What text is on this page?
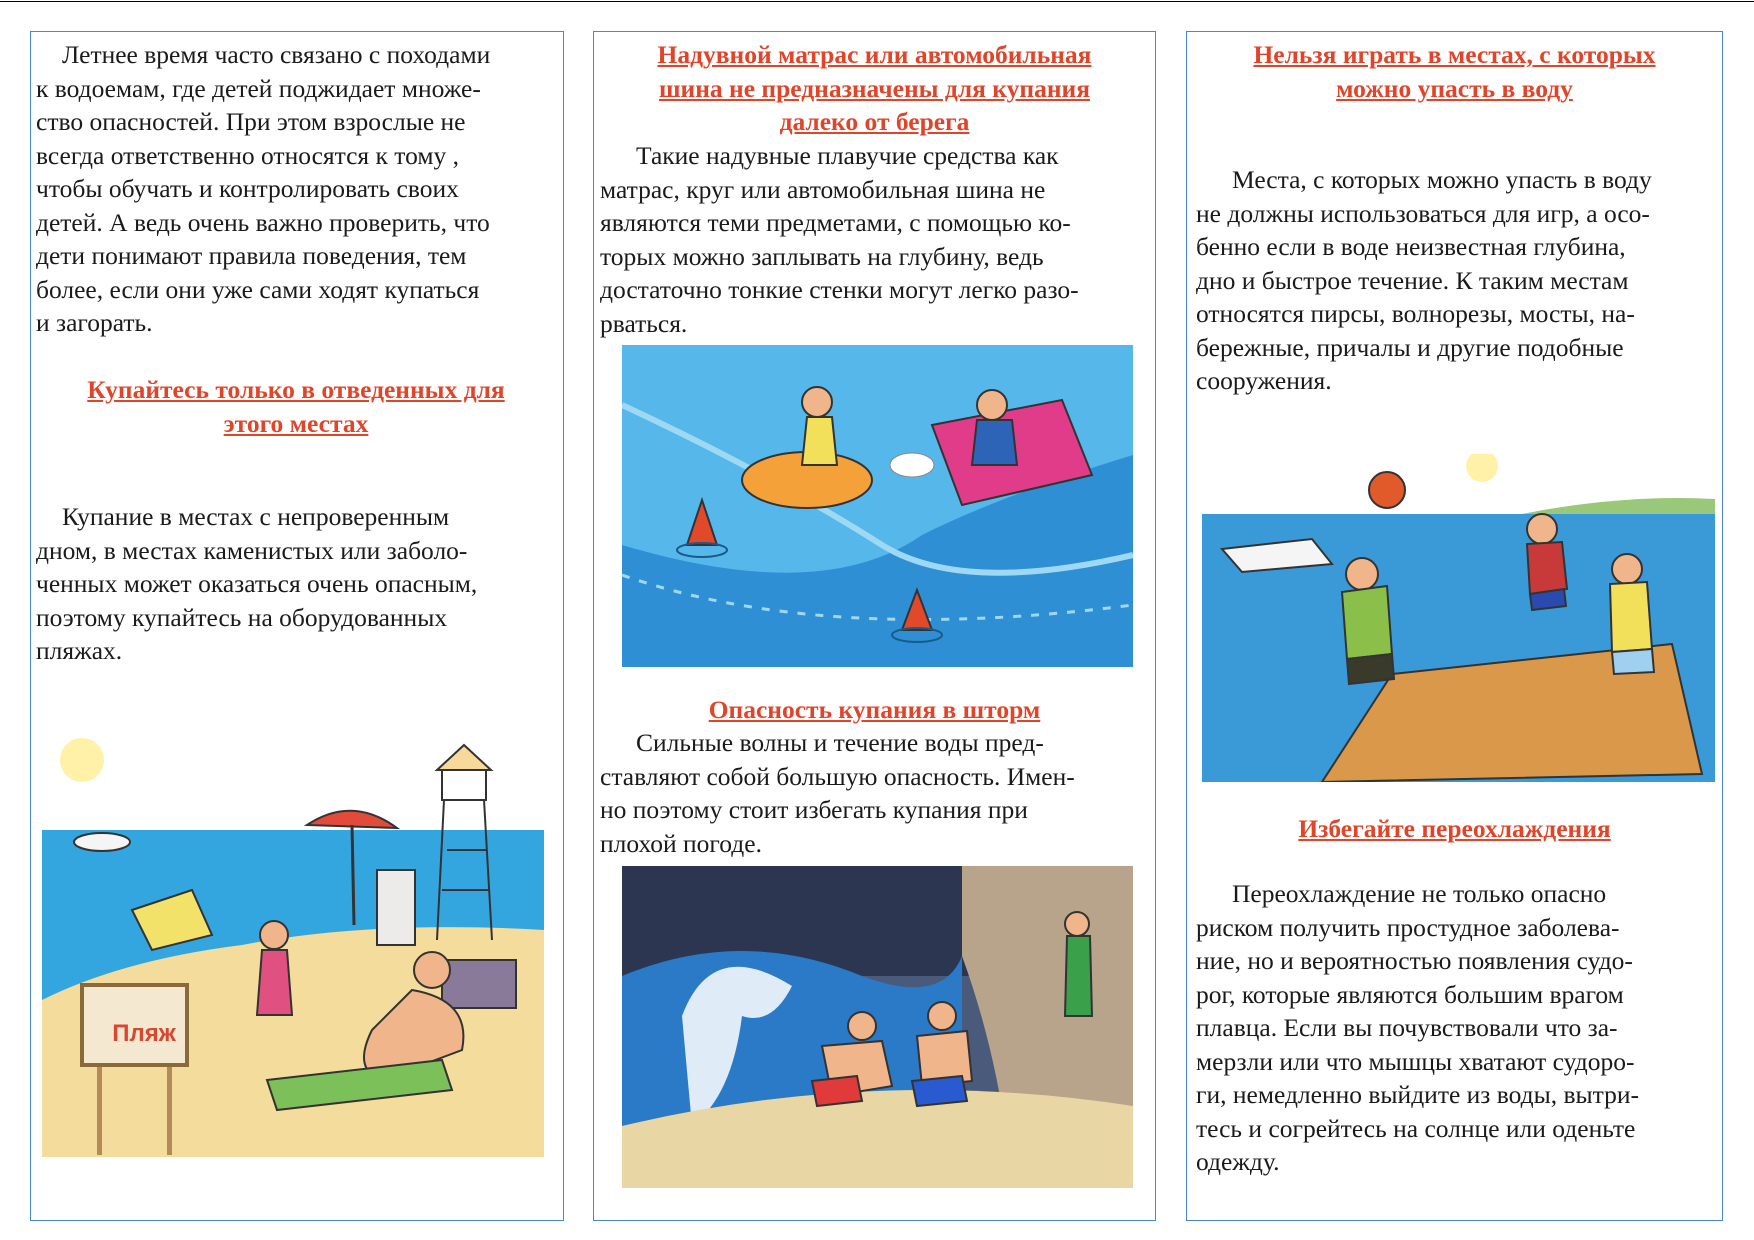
Летнее время часто связано с походами
к водоемам, где детей поджидает множе-
ство опасностей. При этом взрослые не
всегда ответственно относятся к тому ,
чтобы обучать и контролировать своих
детей. А ведь очень важно проверить, что
дети понимают правила поведения, тем
более, если они уже сами ходят купаться
и загорать.
Купайтесь только в отведенных для
этого местах
Купание в местах с непроверенным
дном, в местах каменистых или заболо-
ченных может оказаться очень опасным,
поэтому купайтесь на оборудованных
пляжах.
Пляж
Надувной матрас или автомобильная
шина не предназначены для купания
далеко от берега
Такие надувные плавучие средства как
матрас, круг или автомобильная шина не
являются теми предметами, с помощью ко-
торых можно заплывать на глубину, ведь
достаточно тонкие стенки могут легко разо-
рваться.
Опасность купания в шторм
Сильные волны и течение воды пред-
ставляют собой большую опасность. Имен-
но поэтому стоит избегать купания при
плохой погоде.
Нельзя играть в местах, с которых
можно упасть в воду
Места, с которых можно упасть в воду
не должны использоваться для игр, а осо-
бенно если в воде неизвестная глубина,
дно и быстрое течение. К таким местам
относятся пирсы, волнорезы, мосты, на-
бережные, причалы и другие подобные
сооружения.
Избегайте переохлаждения
Переохлаждение не только опасно
риском получить простудное заболева-
ние, но и вероятностью появления судо-
рог, которые являются большим врагом
плавца. Если вы почувствовали что за-
мерзли или что мышцы хватают судоро-
ги, немедленно выйдите из воды, вытри-
тесь и согрейтесь на солнце или оденьте
одежду.
